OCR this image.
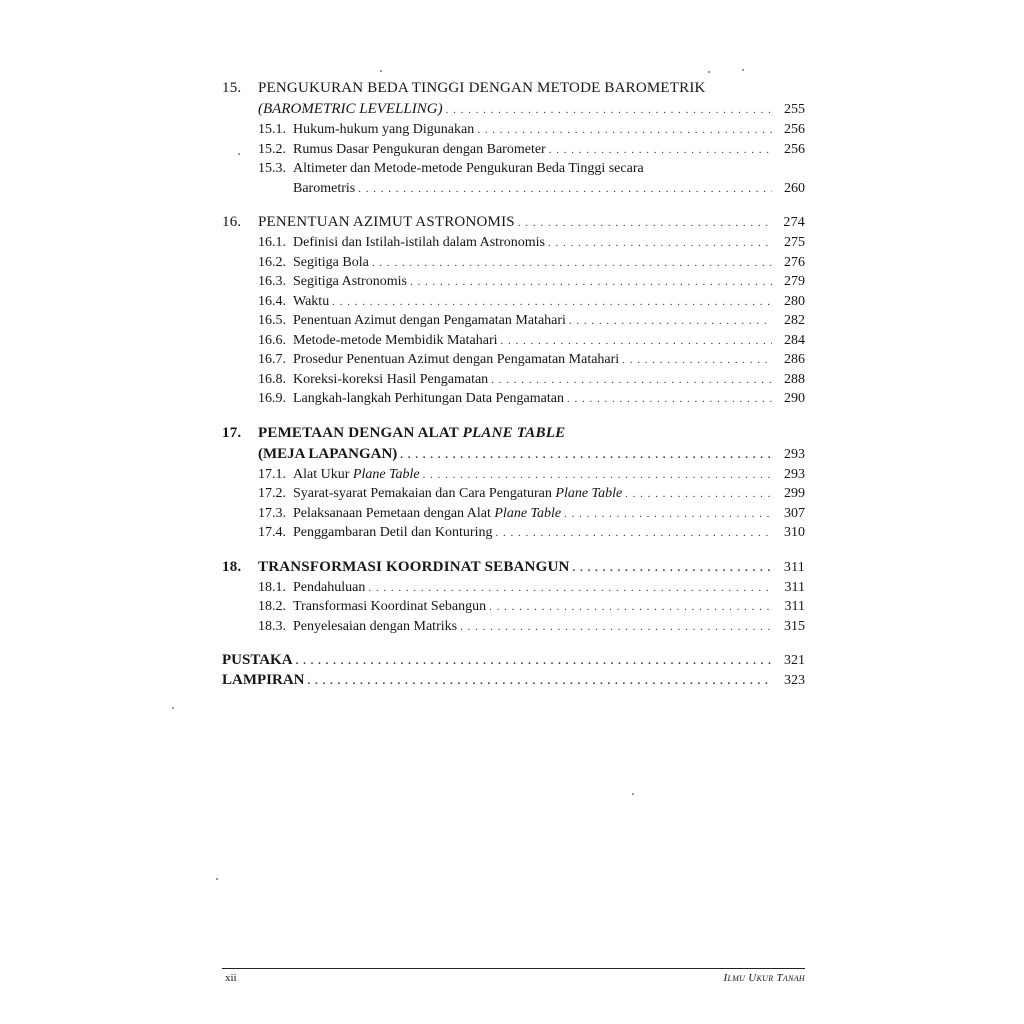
15.	PENGUKURAN BEDA TINGGI DENGAN METODE BAROMETRIK
(BAROMETRIC LEVELLING) . . .	255
15.1. Hukum-hukum yang Digunakan . . .	256
15.2. Rumus Dasar Pengukuran dengan Barometer . . .	256
15.3. Altimeter dan Metode-metode Pengukuran Beda Tinggi secara
Barometris . . .	260
16.	PENENTUAN AZIMUT ASTRONOMIS . . .	274
16.1. Definisi dan Istilah-istilah dalam Astronomis . . .	275
16.2. Segitiga Bola . . .	276
16.3. Segitiga Astronomis . . .	279
16.4. Waktu . . .	280
16.5. Penentuan Azimut dengan Pengamatan Matahari . . .	282
16.6. Metode-metode Membidik Matahari . . .	284
16.7. Prosedur Penentuan Azimut dengan Pengamatan Matahari . . .	286
16.8. Koreksi-koreksi Hasil Pengamatan . . .	288
16.9. Langkah-langkah Perhitungan Data Pengamatan . . .	290
17.	PEMETAAN DENGAN ALAT PLANE TABLE
(MEJA LAPANGAN) . . .	293
17.1. Alat Ukur Plane Table . . .	293
17.2. Syarat-syarat Pemakaian dan Cara Pengaturan Plane Table . . .	299
17.3. Pelaksanaan Pemetaan dengan Alat Plane Table . . .	307
17.4. Penggambaran Detil dan Konturing . . .	310
18.	TRANSFORMASI KOORDINAT SEBANGUN . . .	311
18.1. Pendahuluan . . .	311
18.2. Transformasi Koordinat Sebangun . . .	311
18.3. Penyelesaian dengan Matriks . . .	315
PUSTAKA . . .	321
LAMPIRAN . . .	323
xii	Ilmu Ukur Tanah
